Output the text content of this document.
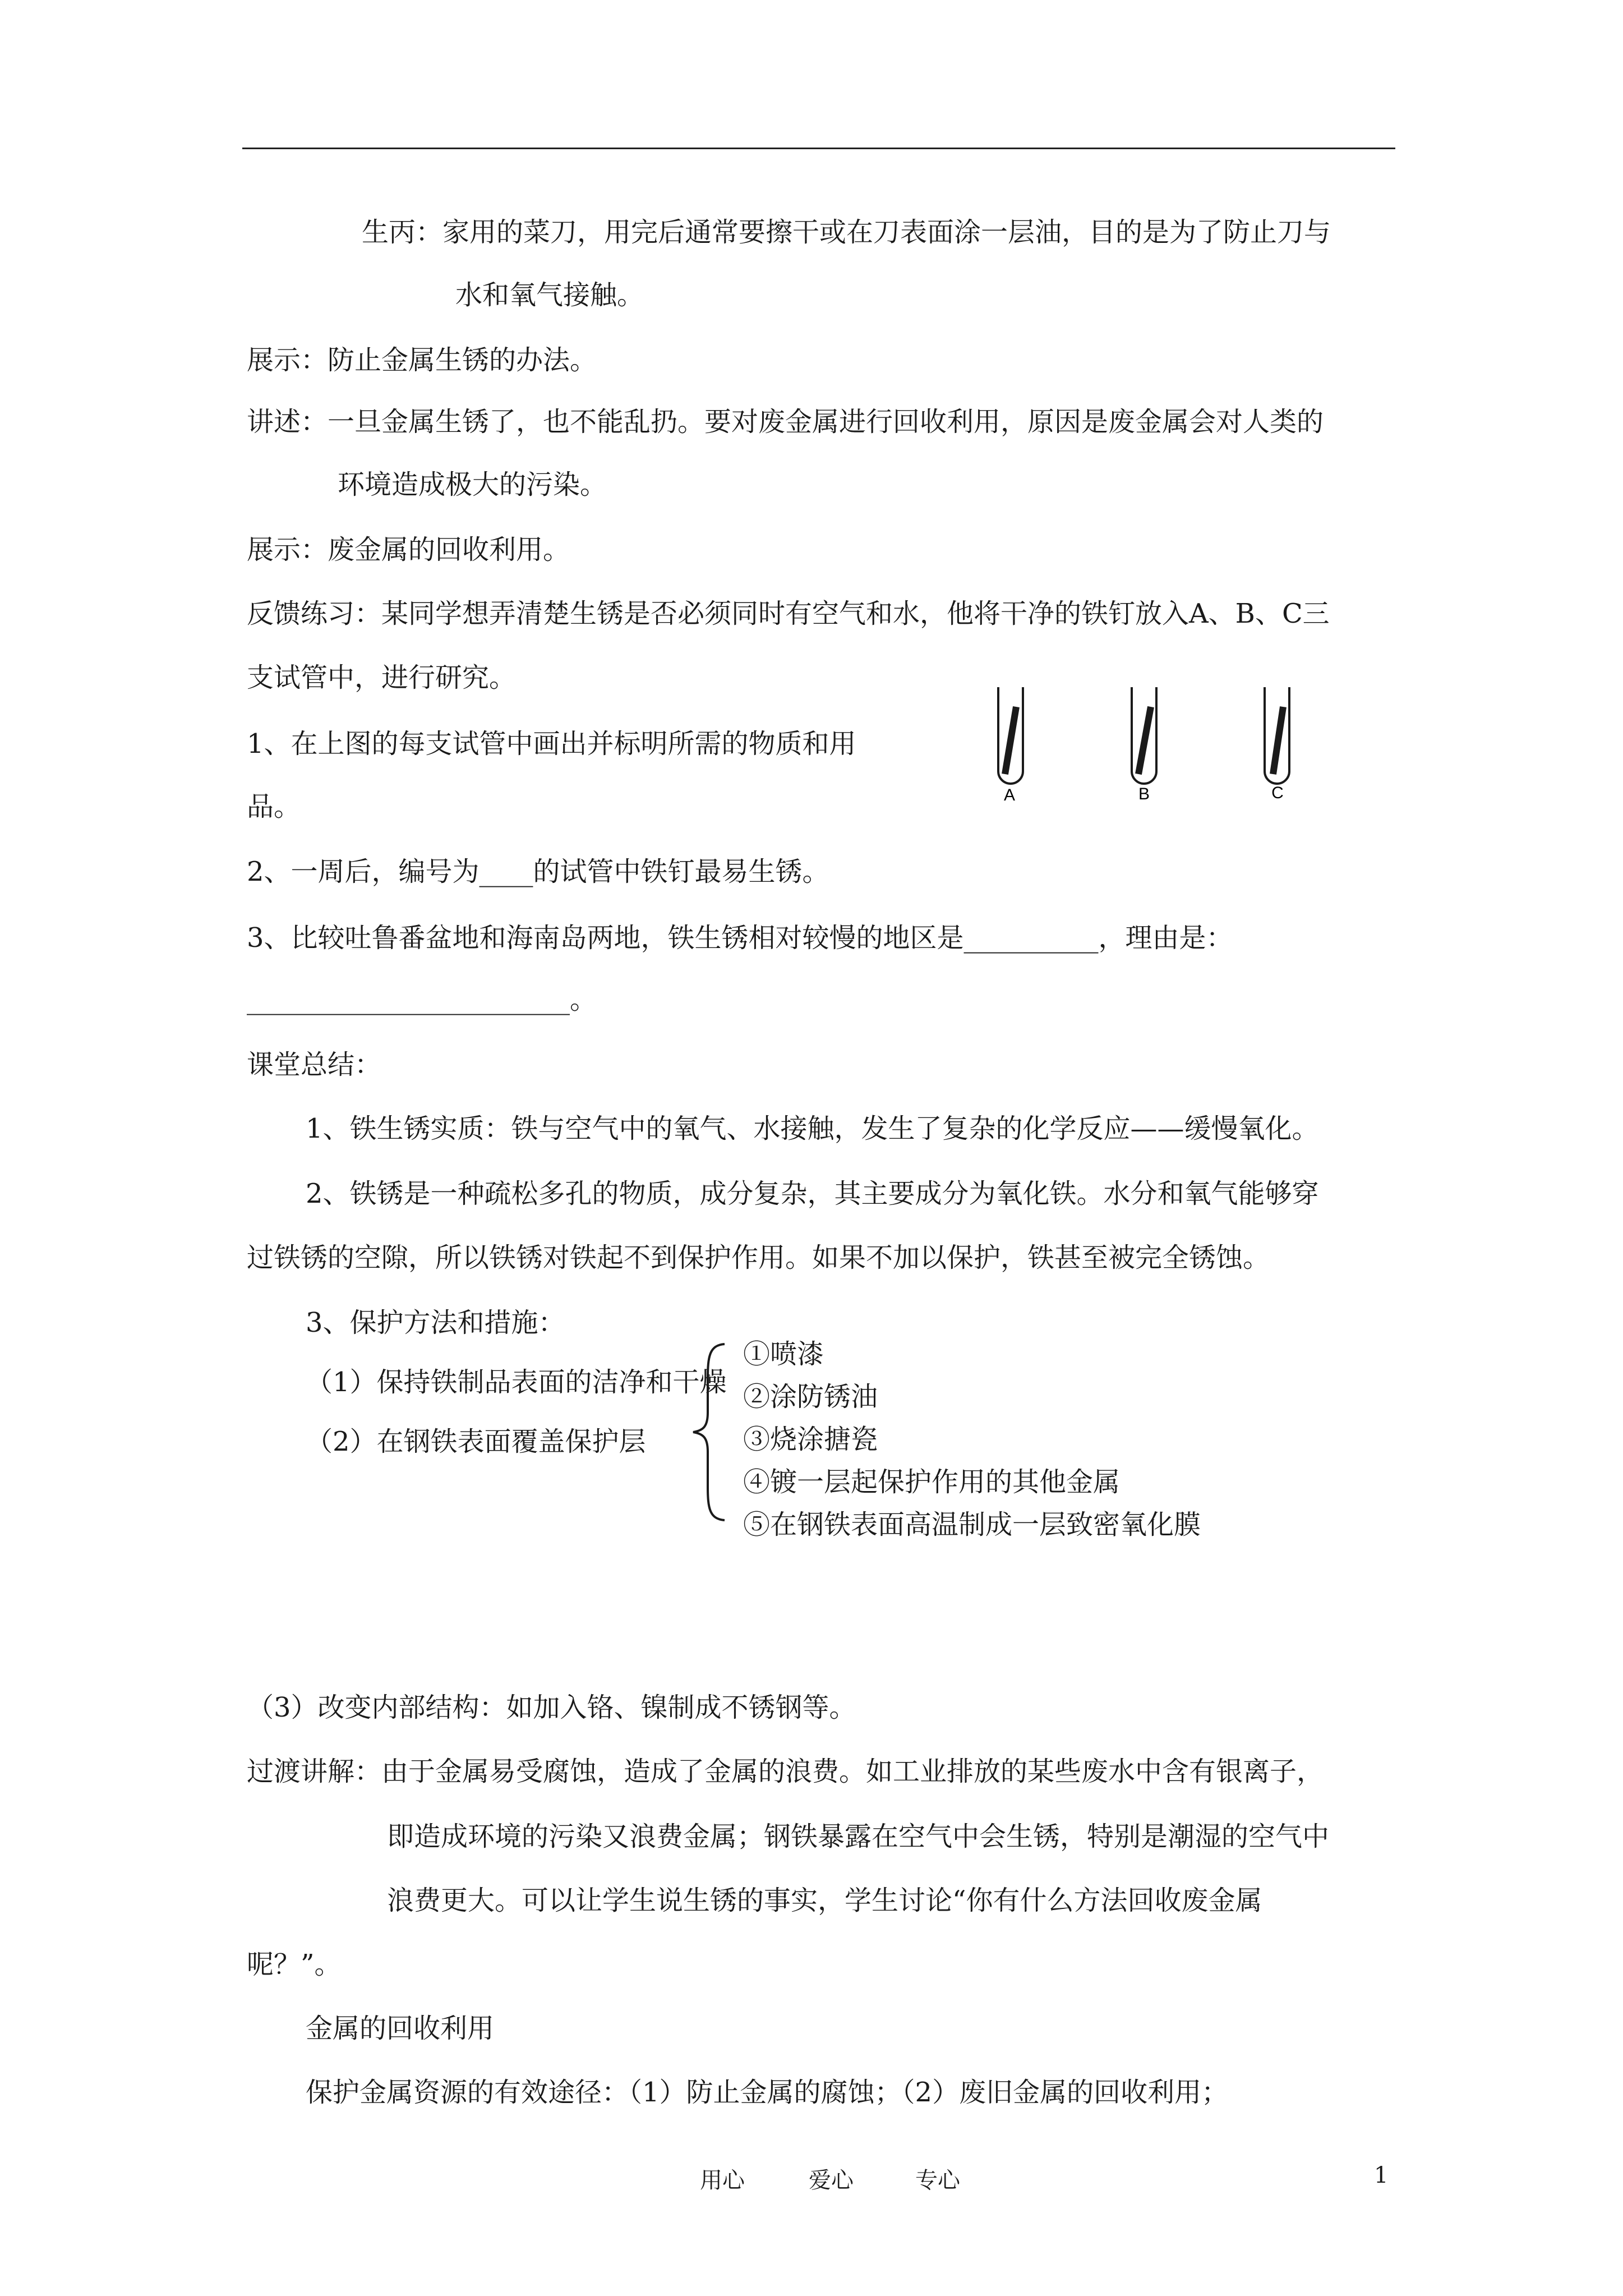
生丙：家用的菜刀，用完后通常要擦干或在刀表面涂一层油，目的是为了防止刀与
水和氧气接触。
展示：防止金属生锈的办法。
讲述：一旦金属生锈了，也不能乱扔。要对废金属进行回收利用，原因是废金属会对人类的
环境造成极大的污染。
展示：废金属的回收利用。
反馈练习：某同学想弄清楚生锈是否必须同时有空气和水，他将干净的铁钉放入A、B、C三
支试管中，进行研究。
1、在上图的每支试管中画出并标明所需的物质和用
品。
2、一周后，编号为____的试管中铁钉最易生锈。
3、比较吐鲁番盆地和海南岛两地，铁生锈相对较慢的地区是__________，理由是：
________________________。
课堂总结：
1、铁生锈实质：铁与空气中的氧气、水接触，发生了复杂的化学反应——缓慢氧化。
2、铁锈是一种疏松多孔的物质，成分复杂，其主要成分为氧化铁。水分和氧气能够穿
过铁锈的空隙，所以铁锈对铁起不到保护作用。如果不加以保护，铁甚至被完全锈蚀。
3、保护方法和措施：
（1）保持铁制品表面的洁净和干燥
（2）在钢铁表面覆盖保护层
①喷漆
②涂防锈油
③烧涂搪瓷
④镀一层起保护作用的其他金属
⑤在钢铁表面高温制成一层致密氧化膜
（3）改变内部结构：如加入铬、镍制成不锈钢等。
过渡讲解：由于金属易受腐蚀，造成了金属的浪费。如工业排放的某些废水中含有银离子，
即造成环境的污染又浪费金属；钢铁暴露在空气中会生锈，特别是潮湿的空气中
浪费更大。可以让学生说生锈的事实，学生讨论“你有什么方法回收废金属
呢？”。
金属的回收利用
保护金属资源的有效途径：（1）防止金属的腐蚀；（2）废旧金属的回收利用；
A	B	C
用心	爱心	专心	1
